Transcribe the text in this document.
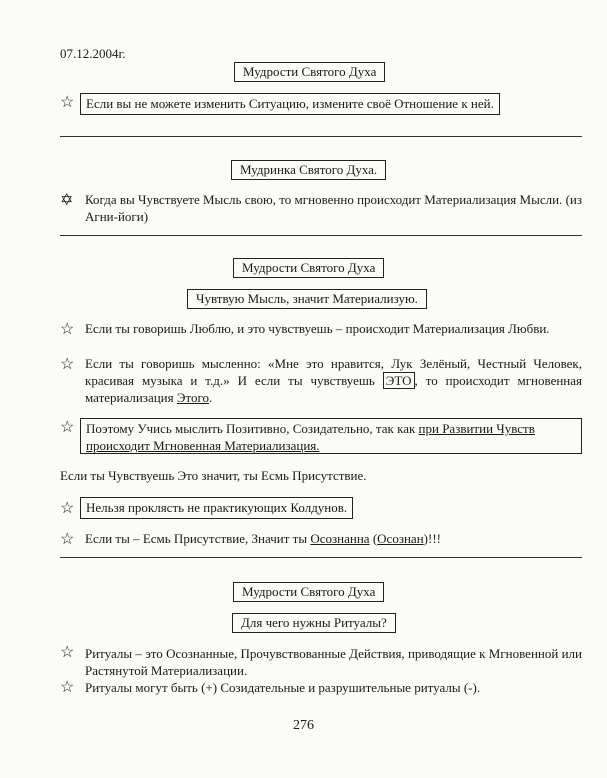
07.12.2004г.
Мудрости Святого Духа
☆ Если вы не можете изменить Ситуацию, измените своё Отношение к ней.
Мудринка Святого Духа.
✡ Когда вы Чувствуете Мысль свою, то мгновенно происходит Материализация Мысли. (из Агни-йоги)
Мудрости Святого Духа
Чувтвую Мысль, значит Материализую.
☆ Если ты говоришь Люблю, и это чувствуешь – происходит Материализация Любви.
☆ Если ты говоришь мысленно: «Мне это нравится, Лук Зелёный, Честный Человек, красивая музыка и т.д.» И если ты чувствуешь ЭТО , то происходит мгновенная материализация Этого.
☆ Поэтому Учись мыслить Позитивно, Созидательно, так как при Развитии Чувств происходит Мгновенная Материализация.
Если ты Чувствуешь Это значит, ты Есмь Присутствие.
☆ Нельзя проклясть не практикующих Колдунов.
☆ Если ты – Есмь Присутствие, Значит ты Осознанна (Осознан)!!!
Мудрости Святого Духа
Для чего нужны Ритуалы?
☆ Ритуалы – это Осознанные, Прочувствованные Действия, приводящие к Мгновенной или Растянутой Материализации.
☆ Ритуалы могут быть (+) Созидательные и разрушительные ритуалы (-).
276
